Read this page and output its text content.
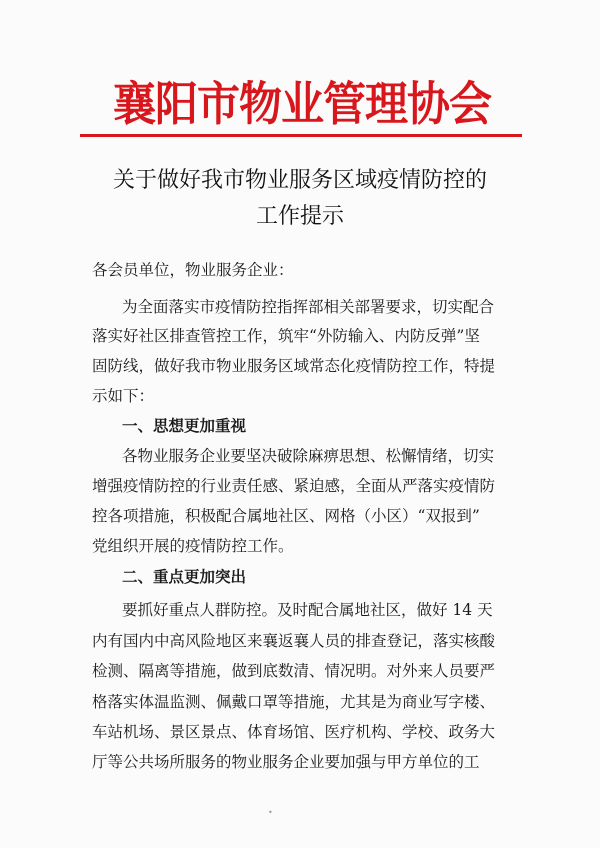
襄阳市物业管理协会
关于做好我市物业服务区域疫情防控的
工作提示
各会员单位，物业服务企业：
为全面落实市疫情防控指挥部相关部署要求，切实配合
落实好社区排查管控工作，筑牢“外防输入、内防反弹”坚
固防线，做好我市物业服务区域常态化疫情防控工作，特提
示如下：
一、思想更加重视
各物业服务企业要坚决破除麻痹思想、松懈情绪，切实
增强疫情防控的行业责任感、紧迫感，全面从严落实疫情防
控各项措施，积极配合属地社区、网格（小区）“双报到”
党组织开展的疫情防控工作。
二、重点更加突出
要抓好重点人群防控。及时配合属地社区，做好 14 天
内有国内中高风险地区来襄返襄人员的排查登记，落实核酸
检测、隔离等措施，做到底数清、情况明。对外来人员要严
格落实体温监测、佩戴口罩等措施，尤其是为商业写字楼、
车站机场、景区景点、体育场馆、医疗机构、学校、政务大
厅等公共场所服务的物业服务企业要加强与甲方单位的工
•
